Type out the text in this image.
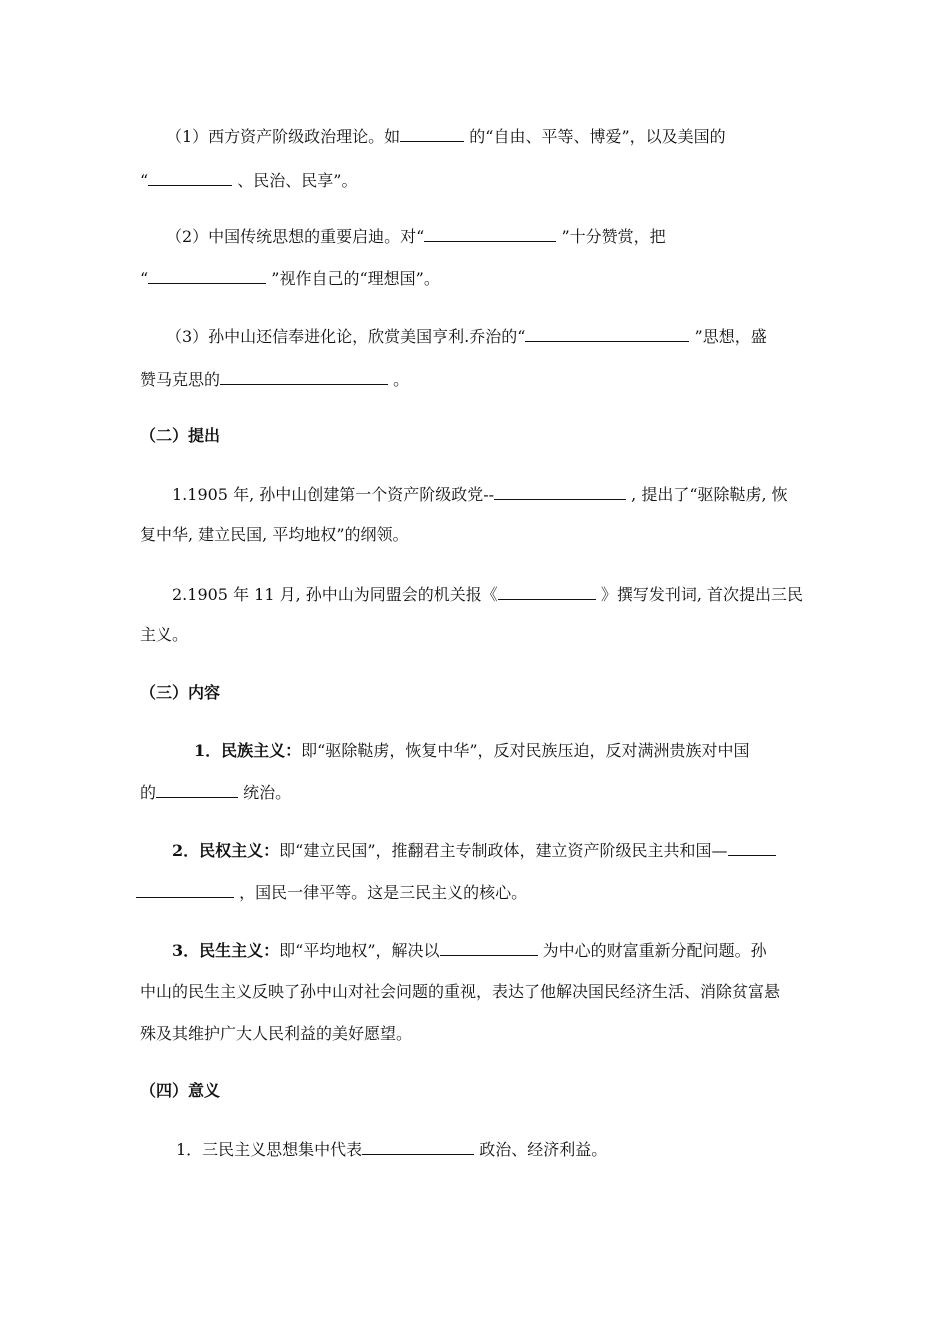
（1）西方资产阶级政治理论。如	的“自由、平等、博爱”，以及美国的
“	、民治、民享”。
（2）中国传统思想的重要启迪。对“	”十分赞赏，把
“	”视作自己的“理想国”。
（3）孙中山还信奉进化论，欣赏美国亨利.乔治的“	”思想，盛
赞马克思的	。
（二）提出
1.1905 年, 孙中山创建第一个资产阶级政党--	, 提出了“驱除鞑虏, 恢
复中华, 建立民国, 平均地权”的纲领。
2.1905 年 11 月, 孙中山为同盟会的机关报《	》撰写发刊词, 首次提出三民
主义。
（三）内容
1．民族主义：即“驱除鞑虏，恢复中华”，反对民族压迫，反对满洲贵族对中国
的	统治。
2．民权主义：即“建立民国”，推翻君主专制政体，建立资产阶级民主共和国—
，国民一律平等。这是三民主义的核心。
3．民生主义：即“平均地权”，解决以	为中心的财富重新分配问题。孙
中山的民生主义反映了孙中山对社会问题的重视，表达了他解决国民经济生活、消除贫富悬
殊及其维护广大人民利益的美好愿望。
（四）意义
1．三民主义思想集中代表	政治、经济利益。
